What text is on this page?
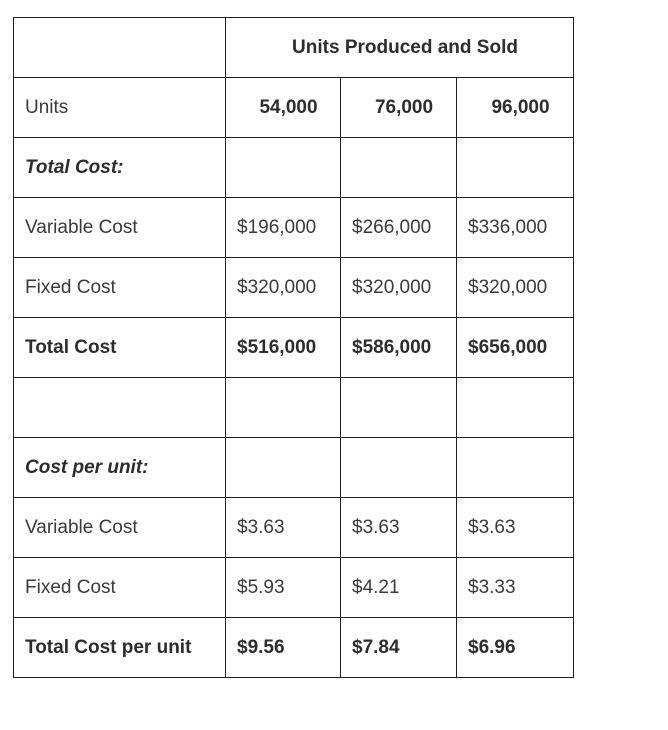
	Units Produced and Sold		
Units	54,000	76,000	96,000
Total Cost:			
Variable Cost	$196,000	$266,000	$336,000
Fixed Cost	$320,000	$320,000	$320,000
Total Cost	$516,000	$586,000	$656,000

Cost per unit:			
Variable Cost	$3.63	$3.63	$3.63
Fixed Cost	$5.93	$4.21	$3.33
Total Cost per unit	$9.56	$7.84	$6.96
